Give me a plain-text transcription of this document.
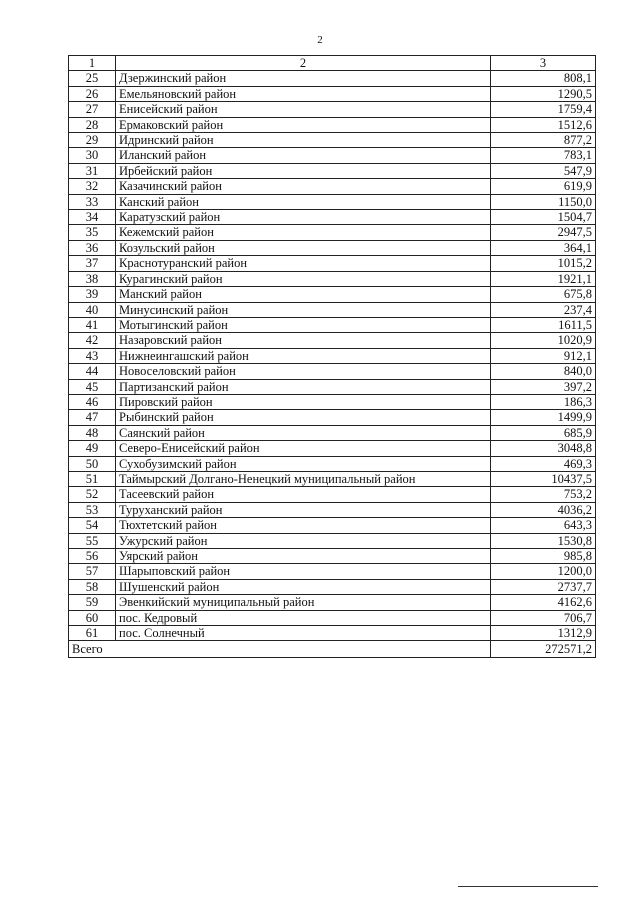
2
1	2	3
25	Дзержинский район	808,1
26	Емельяновский район	1290,5
27	Енисейский район	1759,4
28	Ермаковский район	1512,6
29	Идринский район	877,2
30	Иланский район	783,1
31	Ирбейский район	547,9
32	Казачинский район	619,9
33	Канский район	1150,0
34	Каратузский район	1504,7
35	Кежемский район	2947,5
36	Козульский район	364,1
37	Краснотуранский район	1015,2
38	Курагинский район	1921,1
39	Манский район	675,8
40	Минусинский район	237,4
41	Мотыгинский район	1611,5
42	Назаровский район	1020,9
43	Нижнеингашский район	912,1
44	Новоселовский район	840,0
45	Партизанский район	397,2
46	Пировский район	186,3
47	Рыбинский район	1499,9
48	Саянский район	685,9
49	Северо-Енисейский район	3048,8
50	Сухобузимский район	469,3
51	Таймырский Долгано-Ненецкий муниципальный район	10437,5
52	Тасеевский район	753,2
53	Туруханский район	4036,2
54	Тюхтетский район	643,3
55	Ужурский район	1530,8
56	Уярский район	985,8
57	Шарыповский район	1200,0
58	Шушенский район	2737,7
59	Эвенкийский муниципальный район	4162,6
60	пос. Кедровый	706,7
61	пос. Солнечный	1312,9
Всего		272571,2
